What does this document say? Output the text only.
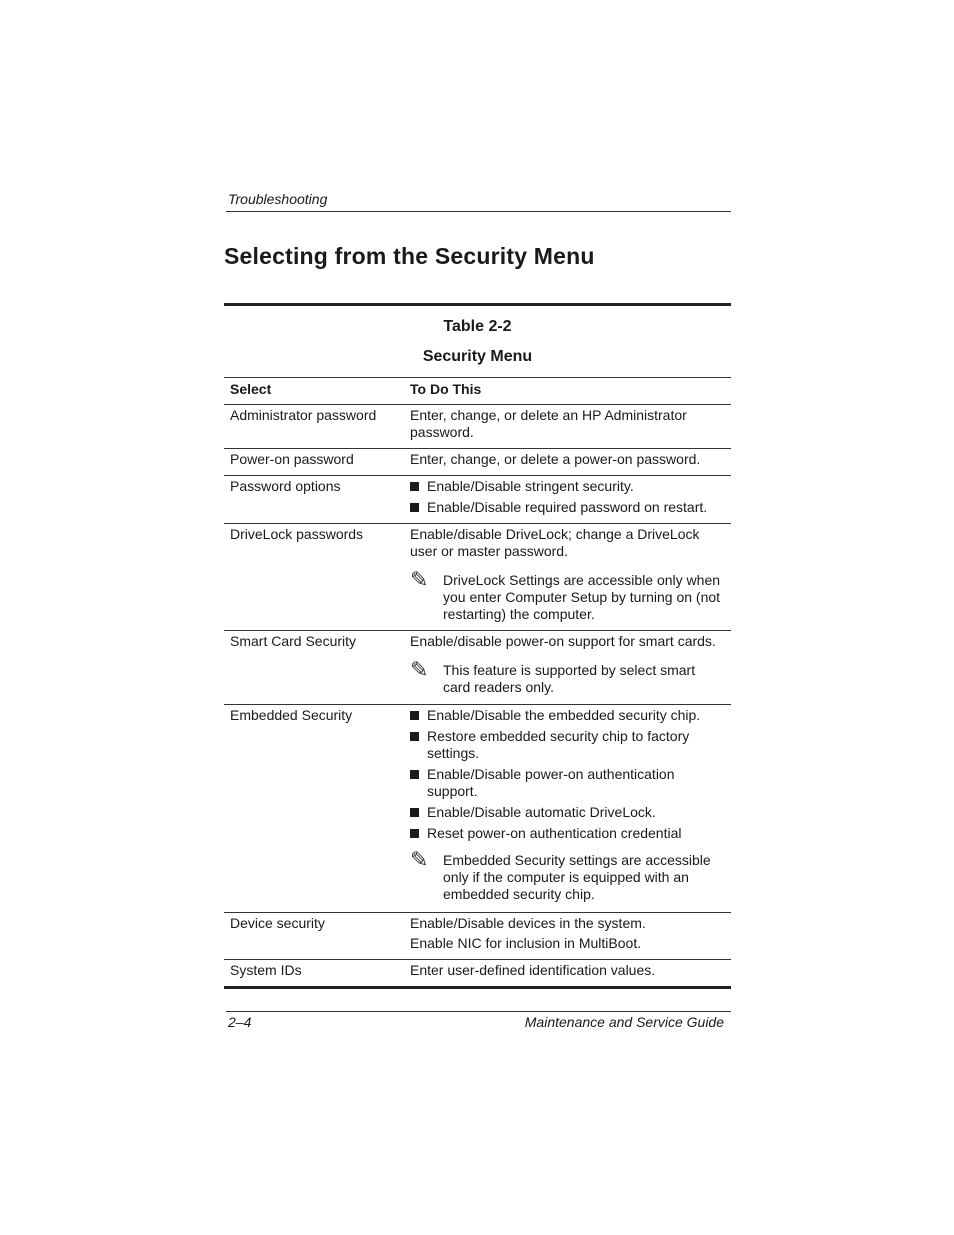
Troubleshooting
Selecting from the Security Menu
Table 2-2
Security Menu
Select	To Do This
Administrator password	Enter, change, or delete an HP Administrator password.
Power-on password	Enter, change, or delete a power-on password.
Password options	Enable/Disable stringent security.
Enable/Disable required password on restart.
DriveLock passwords	Enable/disable DriveLock; change a DriveLock user or master password.
✎	DriveLock Settings are accessible only when you enter Computer Setup by turning on (not restarting) the computer.
Smart Card Security	Enable/disable power-on support for smart cards.
✎	This feature is supported by select smart card readers only.
Embedded Security	Enable/Disable the embedded security chip.
Restore embedded security chip to factory settings.
Enable/Disable power-on authentication support.
Enable/Disable automatic DriveLock.
Reset power-on authentication credential
✎	Embedded Security settings are accessible only if the computer is equipped with an embedded security chip.
Device security	Enable/Disable devices in the system.
Enable NIC for inclusion in MultiBoot.
System IDs	Enter user-defined identification values.
2–4	Maintenance and Service Guide
